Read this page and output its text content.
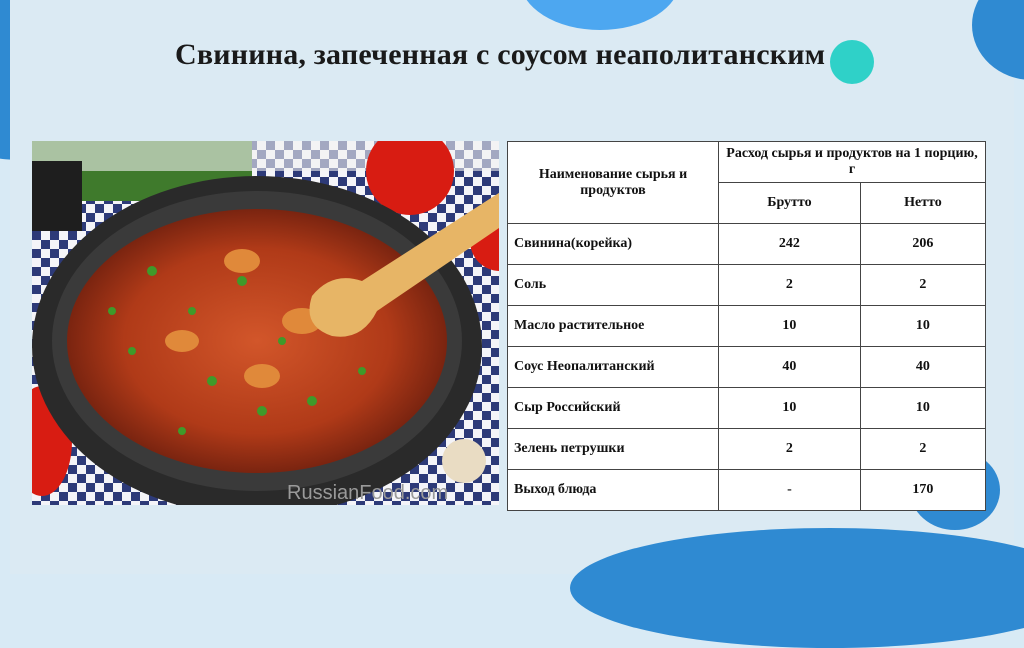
Свинина, запеченная с соусом неаполитанским
RussianFood.com
Наименование сырья и продуктов	Расход сырья и продуктов на 1 порцию, г	
	Брутто	Нетто
Свинина(корейка)	242	206
Соль	2	2
Масло растительное	10	10
Соус Неопалитанский	40	40
Сыр Российский	10	10
Зелень петрушки	2	2
Выход блюда	-	170
